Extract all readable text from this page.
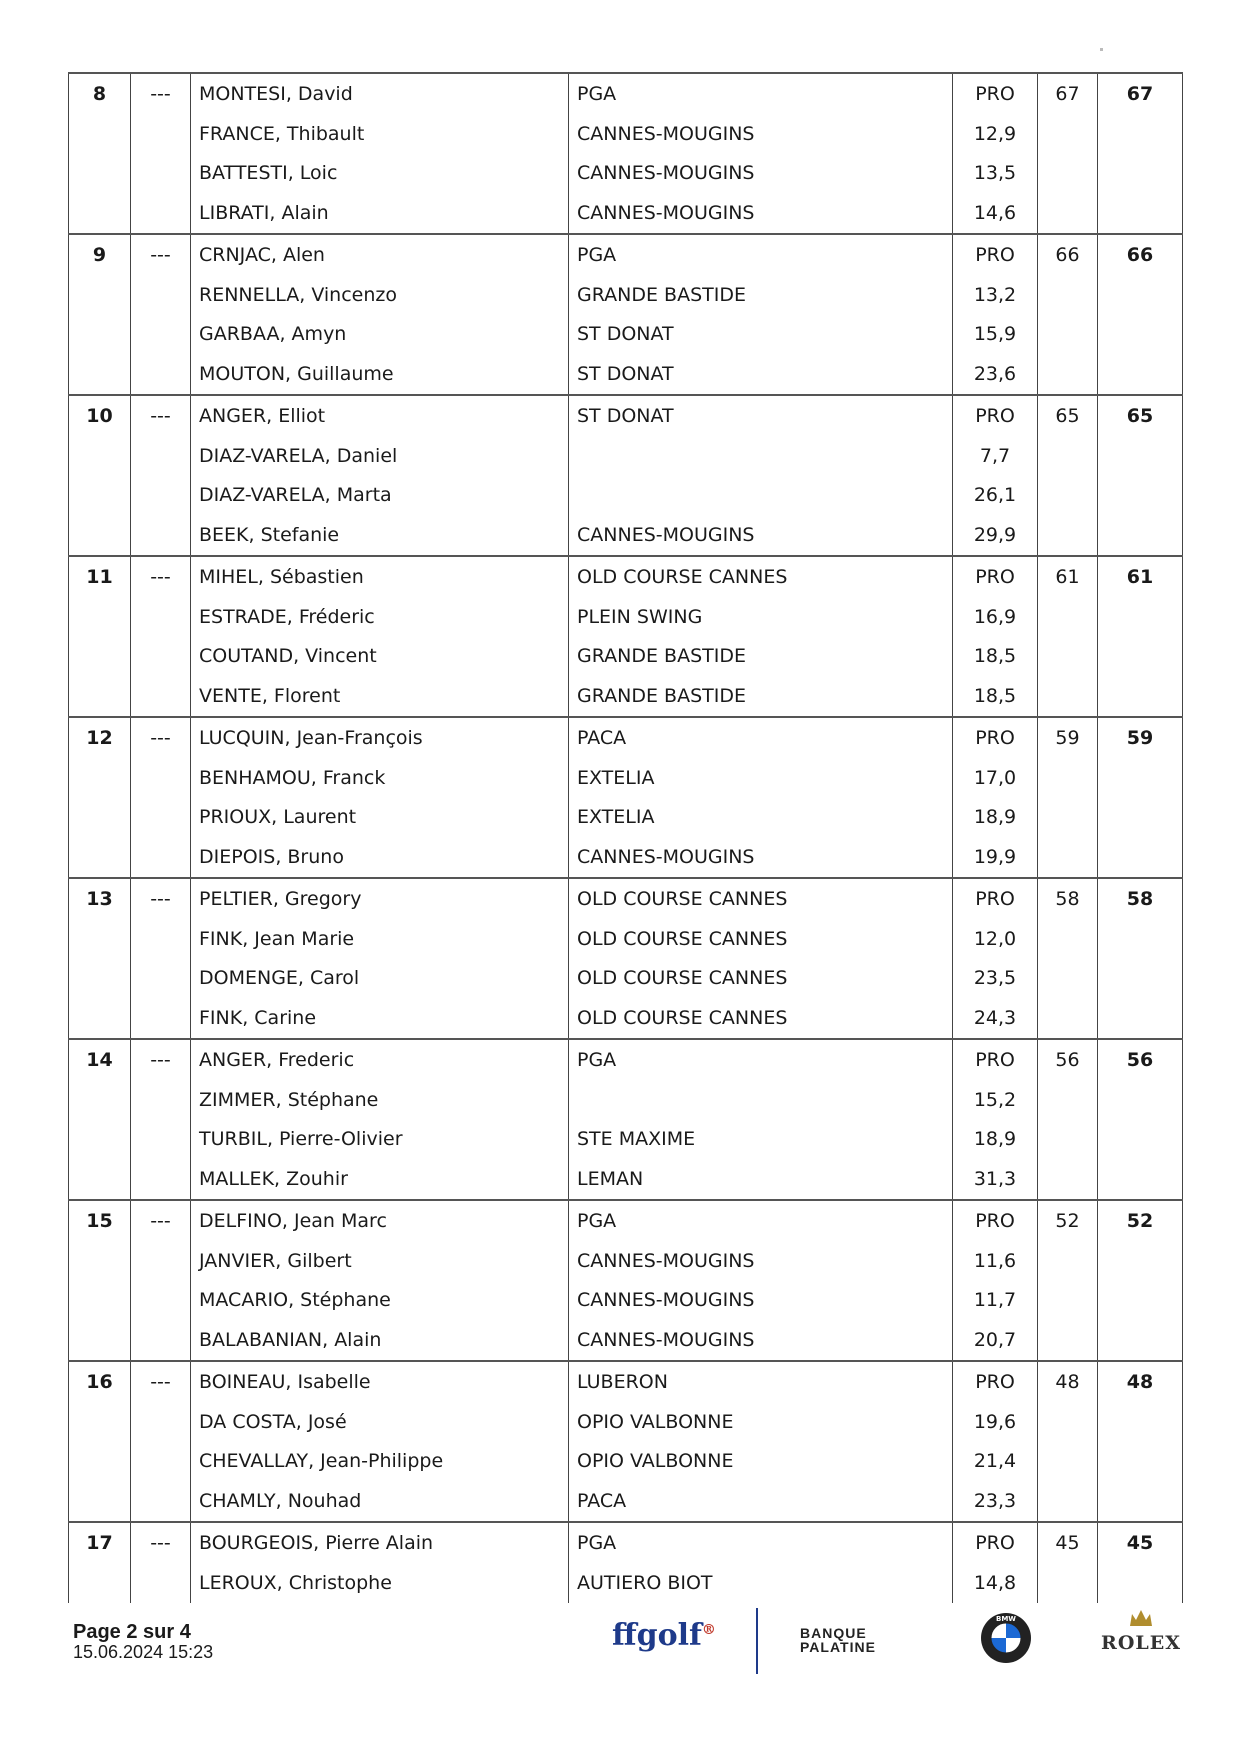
8	---	MONTESI, David	PGA	PRO	67	67
		FRANCE, Thibault	CANNES-MOUGINS	12,9		
		BATTESTI, Loic	CANNES-MOUGINS	13,5		
		LIBRATI, Alain	CANNES-MOUGINS	14,6		
9	---	CRNJAC, Alen	PGA	PRO	66	66
		RENNELLA, Vincenzo	GRANDE BASTIDE	13,2		
		GARBAA, Amyn	ST DONAT	15,9		
		MOUTON, Guillaume	ST DONAT	23,6		
10	---	ANGER, Elliot	ST DONAT	PRO	65	65
		DIAZ-VARELA, Daniel		7,7		
		DIAZ-VARELA, Marta		26,1		
		BEEK, Stefanie	CANNES-MOUGINS	29,9		
11	---	MIHEL, Sébastien	OLD COURSE CANNES	PRO	61	61
		ESTRADE, Fréderic	PLEIN SWING	16,9		
		COUTAND, Vincent	GRANDE BASTIDE	18,5		
		VENTE, Florent	GRANDE BASTIDE	18,5		
12	---	LUCQUIN, Jean-François	PACA	PRO	59	59
		BENHAMOU, Franck	EXTELIA	17,0		
		PRIOUX, Laurent	EXTELIA	18,9		
		DIEPOIS, Bruno	CANNES-MOUGINS	19,9		
13	---	PELTIER, Gregory	OLD COURSE CANNES	PRO	58	58
		FINK, Jean Marie	OLD COURSE CANNES	12,0		
		DOMENGE, Carol	OLD COURSE CANNES	23,5		
		FINK, Carine	OLD COURSE CANNES	24,3		
14	---	ANGER, Frederic	PGA	PRO	56	56
		ZIMMER, Stéphane		15,2		
		TURBIL, Pierre-Olivier	STE MAXIME	18,9		
		MALLEK, Zouhir	LEMAN	31,3		
15	---	DELFINO, Jean Marc	PGA	PRO	52	52
		JANVIER, Gilbert	CANNES-MOUGINS	11,6		
		MACARIO, Stéphane	CANNES-MOUGINS	11,7		
		BALABANIAN, Alain	CANNES-MOUGINS	20,7		
16	---	BOINEAU, Isabelle	LUBERON	PRO	48	48
		DA COSTA, José	OPIO VALBONNE	19,6		
		CHEVALLAY, Jean-Philippe	OPIO VALBONNE	21,4		
		CHAMLY, Nouhad	PACA	23,3		
17	---	BOURGEOIS, Pierre Alain	PGA	PRO	45	45
		LEROUX, Christophe	AUTIERO BIOT	14,8		
Page 2 sur 4
15.06.2024 15:23	ffgolf®	BANQUE
PALATINE
BMW
ROLEX
